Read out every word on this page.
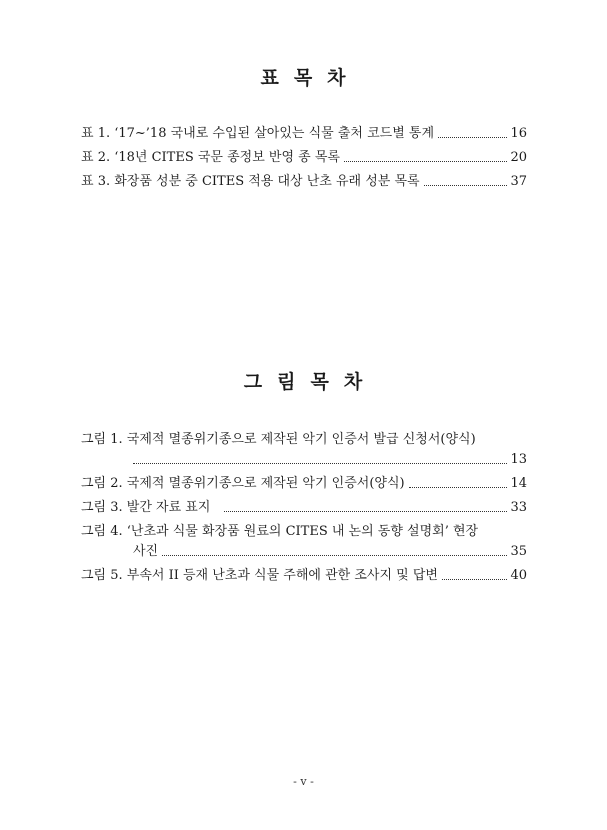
표 목 차
표 1. ‘17~’18 국내로 수입된 살아있는 식물 출처 코드별 통계	16
표 2. ‘18년 CITES 국문 종정보 반영 종 목록	20
표 3. 화장품 성분 중 CITES 적용 대상 난초 유래 성분 목록	37
그 림 목 차
그림 1. 국제적 멸종위기종으로 제작된 악기 인증서 발급 신청서(양식)
13
그림 2. 국제적 멸종위기종으로 제작된 악기 인증서(양식)	14
그림 3. 발간 자료 표지	33
그림 4. ‘난초과 식물 화장품 원료의 CITES 내 논의 동향 설명회’ 현장
사진	35
그림 5. 부속서 II 등재 난초과 식물 주해에 관한 조사지 및 답변	40
- v -
